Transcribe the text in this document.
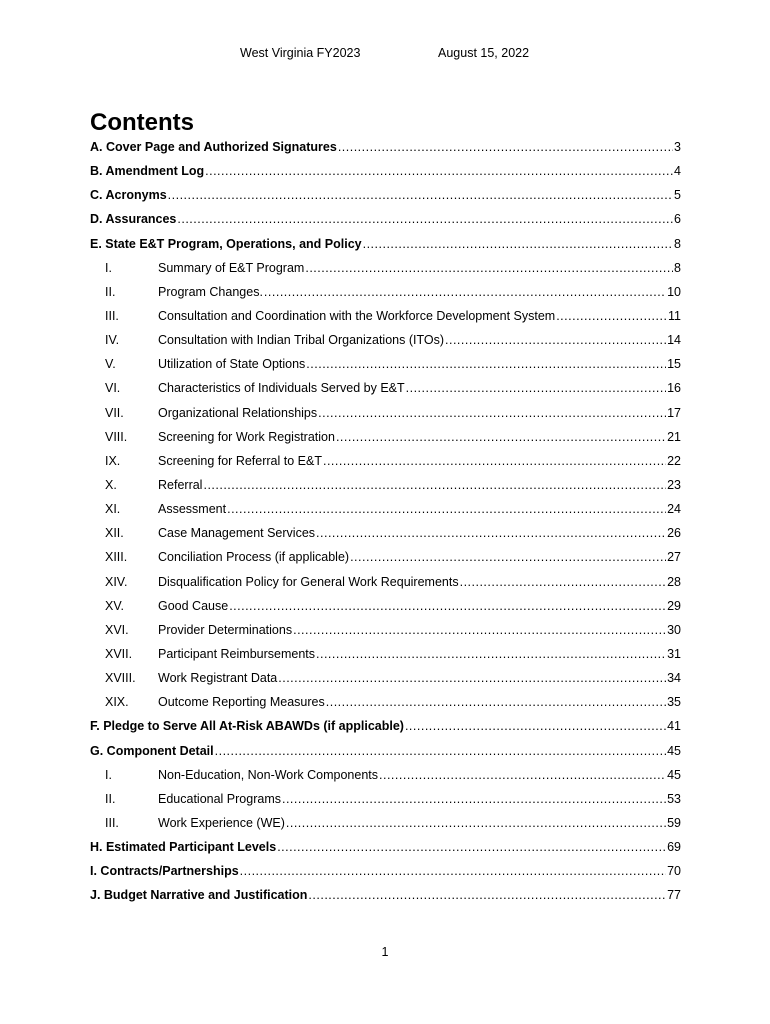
West Virginia FY2023	August 15, 2022
Contents
A. Cover Page and Authorized Signatures .....	3
B. Amendment Log .....	4
C. Acronyms .....	5
D. Assurances .....	6
E. State E&T Program, Operations, and Policy .....	8
I.	Summary of E&T Program .....	8
II.	Program Changes. .....	10
III.	Consultation and Coordination with the Workforce Development System .....	11
IV.	Consultation with Indian Tribal Organizations (ITOs) .....	14
V.	Utilization of State Options .....	15
VI.	Characteristics of Individuals Served by E&T .....	16
VII.	Organizational Relationships .....	17
VIII.	Screening for Work Registration .....	21
IX.	Screening for Referral to E&T .....	22
X.	Referral .....	23
XI.	Assessment .....	24
XII.	Case Management Services .....	26
XIII.	Conciliation Process (if applicable) .....	27
XIV.	Disqualification Policy for General Work Requirements .....	28
XV.	Good Cause .....	29
XVI.	Provider Determinations .....	30
XVII.	Participant Reimbursements .....	31
XVIII.	Work Registrant Data .....	34
XIX.	Outcome Reporting Measures .....	35
F. Pledge to Serve All At-Risk ABAWDs (if applicable) .....	41
G. Component Detail .....	45
I.	Non-Education, Non-Work Components .....	45
II.	Educational Programs .....	53
III.	Work Experience (WE) .....	59
H. Estimated Participant Levels .....	69
I. Contracts/Partnerships .....	70
J. Budget Narrative and Justification .....	77
1
